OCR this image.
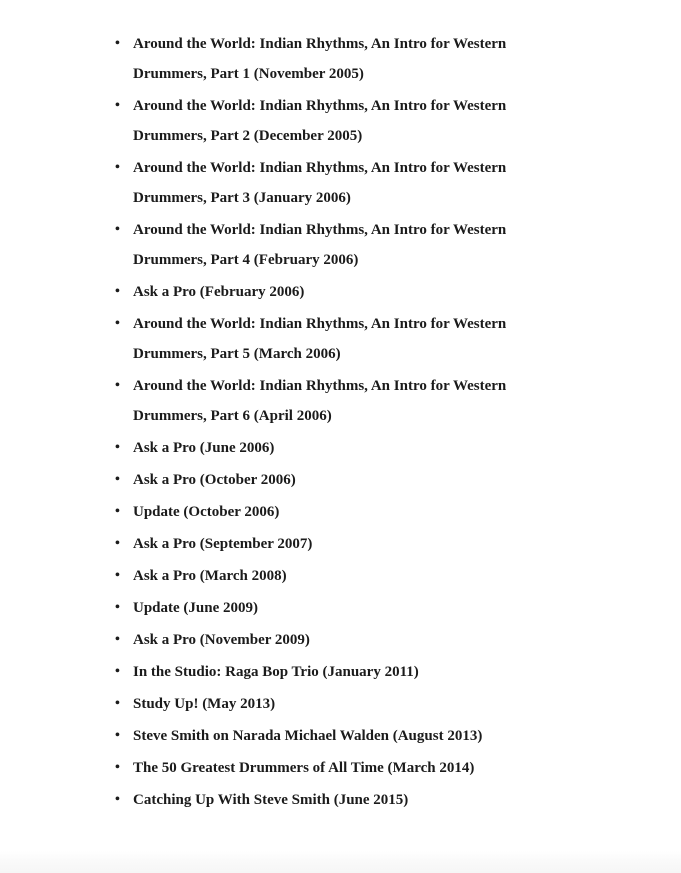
• Around the World: Indian Rhythms, An Intro for Western Drummers, Part 1 (November 2005)
• Around the World: Indian Rhythms, An Intro for Western Drummers, Part 2 (December 2005)
• Around the World: Indian Rhythms, An Intro for Western Drummers, Part 3 (January 2006)
• Around the World: Indian Rhythms, An Intro for Western Drummers, Part 4 (February 2006)
• Ask a Pro (February 2006)
• Around the World: Indian Rhythms, An Intro for Western Drummers, Part 5 (March 2006)
• Around the World: Indian Rhythms, An Intro for Western Drummers, Part 6 (April 2006)
• Ask a Pro (June 2006)
• Ask a Pro (October 2006)
• Update (October 2006)
• Ask a Pro (September 2007)
• Ask a Pro (March 2008)
• Update (June 2009)
• Ask a Pro (November 2009)
• In the Studio: Raga Bop Trio (January 2011)
• Study Up! (May 2013)
• Steve Smith on Narada Michael Walden (August 2013)
• The 50 Greatest Drummers of All Time (March 2014)
• Catching Up With Steve Smith (June 2015)
